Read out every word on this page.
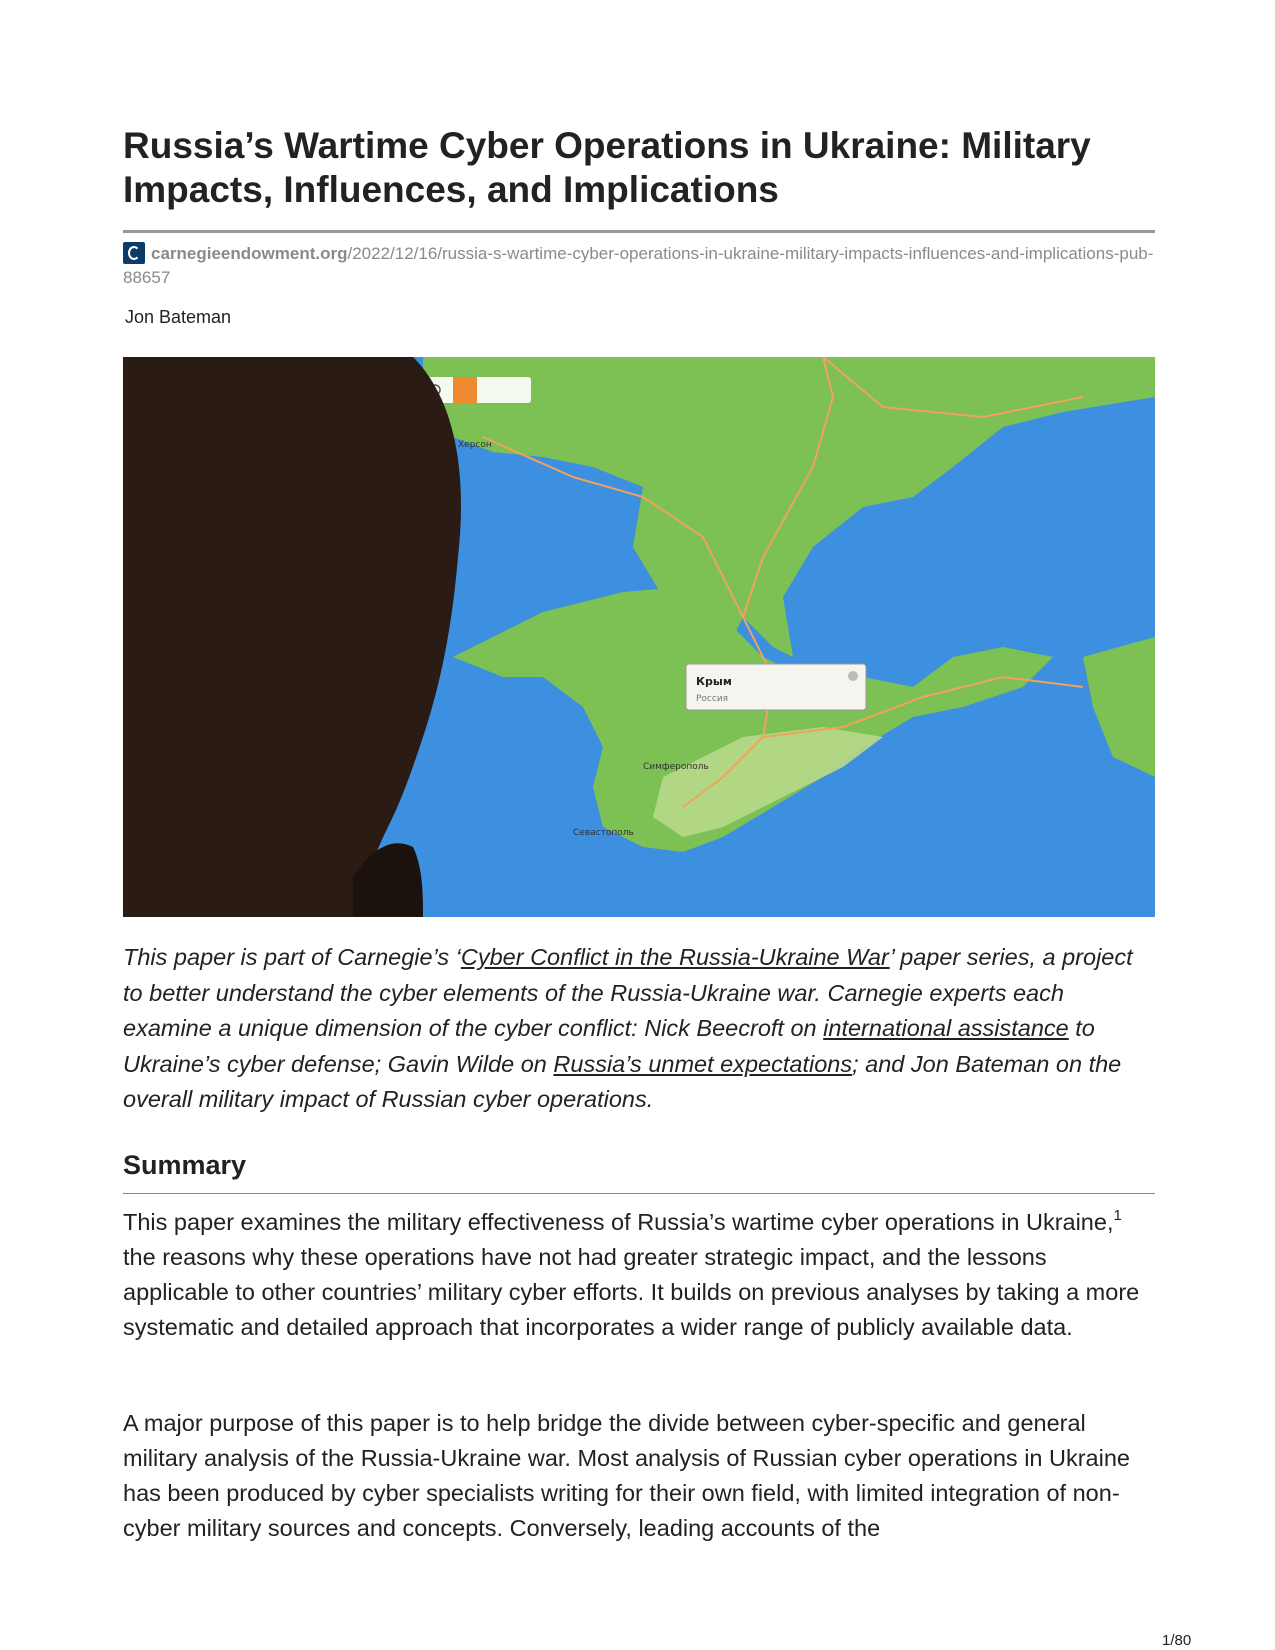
Russia’s Wartime Cyber Operations in Ukraine: Military Impacts, Influences, and Implications
carnegieendowment.org/2022/12/16/russia-s-wartime-cyber-operations-in-ukraine-military-impacts-influences-and-implications-pub-88657
Jon Bateman
Херсон
Симферополь
Севастополь
Крым
Россия
This paper is part of Carnegie’s ‘Cyber Conflict in the Russia-Ukraine War’ paper series, a project to better understand the cyber elements of the Russia-Ukraine war. Carnegie experts each examine a unique dimension of the cyber conflict: Nick Beecroft on international assistance to Ukraine’s cyber defense; Gavin Wilde on Russia’s unmet expectations; and Jon Bateman on the overall military impact of Russian cyber operations.
Summary
This paper examines the military effectiveness of Russia’s wartime cyber operations in Ukraine,$^1$ the reasons why these operations have not had greater strategic impact, and the lessons applicable to other countries’ military cyber efforts. It builds on previous analyses by taking a more systematic and detailed approach that incorporates a wider range of publicly available data.
A major purpose of this paper is to help bridge the divide between cyber-specific and general military analysis of the Russia-Ukraine war. Most analysis of Russian cyber operations in Ukraine has been produced by cyber specialists writing for their own field, with limited integration of non-cyber military sources and concepts. Conversely, leading accounts of the
1/80
